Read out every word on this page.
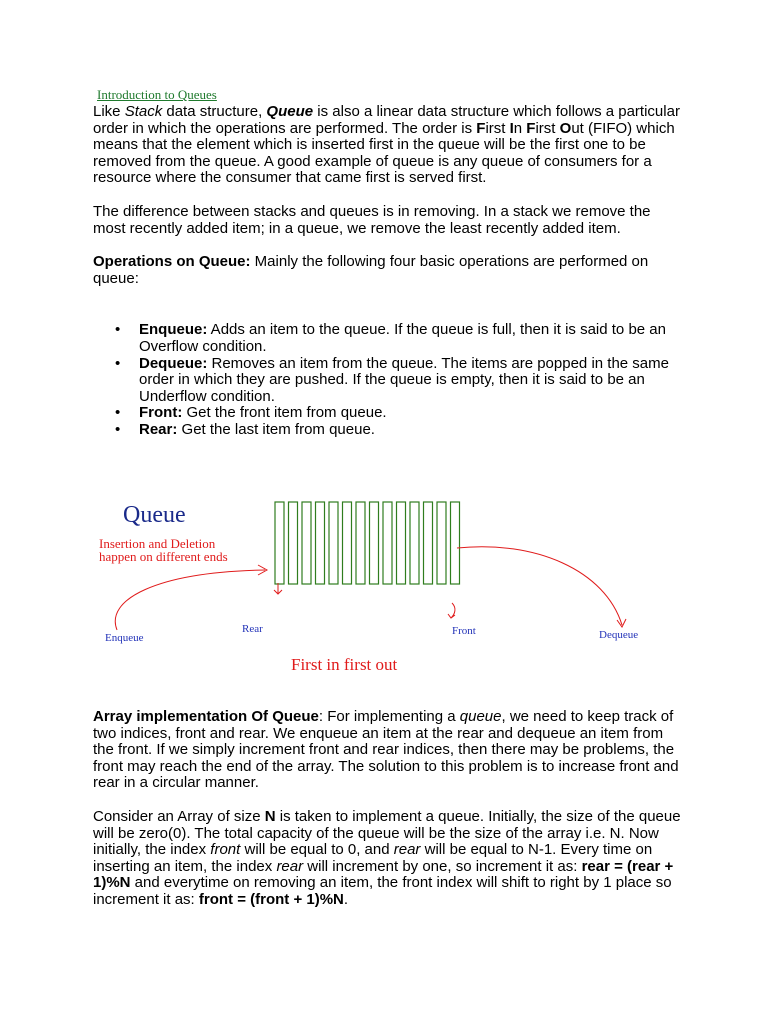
Introduction to Queues

Like Stack data structure, Queue is also a linear data structure which follows a particular order in which the operations are performed. The order is First In First Out (FIFO) which means that the element which is inserted first in the queue will be the first one to be removed from the queue. A good example of queue is any queue of consumers for a resource where the consumer that came first is served first.

The difference between stacks and queues is in removing. In a stack we remove the most recently added item; in a queue, we remove the least recently added item.

Operations on Queue: Mainly the following four basic operations are performed on queue:

• Enqueue: Adds an item to the queue. If the queue is full, then it is said to be an Overflow condition.
• Dequeue: Removes an item from the queue. The items are popped in the same order in which they are pushed. If the queue is empty, then it is said to be an Underflow condition.
• Front: Get the front item from queue.
• Rear: Get the last item from queue.
Queue
Insertion and Deletion
happen on different ends
Enqueue
Rear	Front	Dequeue
First in first out

Array implementation Of Queue: For implementing a queue, we need to keep track of two indices, front and rear. We enqueue an item at the rear and dequeue an item from the front. If we simply increment front and rear indices, then there may be problems, the front may reach the end of the array. The solution to this problem is to increase front and rear in a circular manner.

Consider an Array of size N is taken to implement a queue. Initially, the size of the queue will be zero(0). The total capacity of the queue will be the size of the array i.e. N. Now initially, the index front will be equal to 0, and rear will be equal to N-1. Every time on inserting an item, the index rear will increment by one, so increment it as: rear = (rear + 1)%N and everytime on removing an item, the front index will shift to right by 1 place so increment it as: front = (front + 1)%N.
